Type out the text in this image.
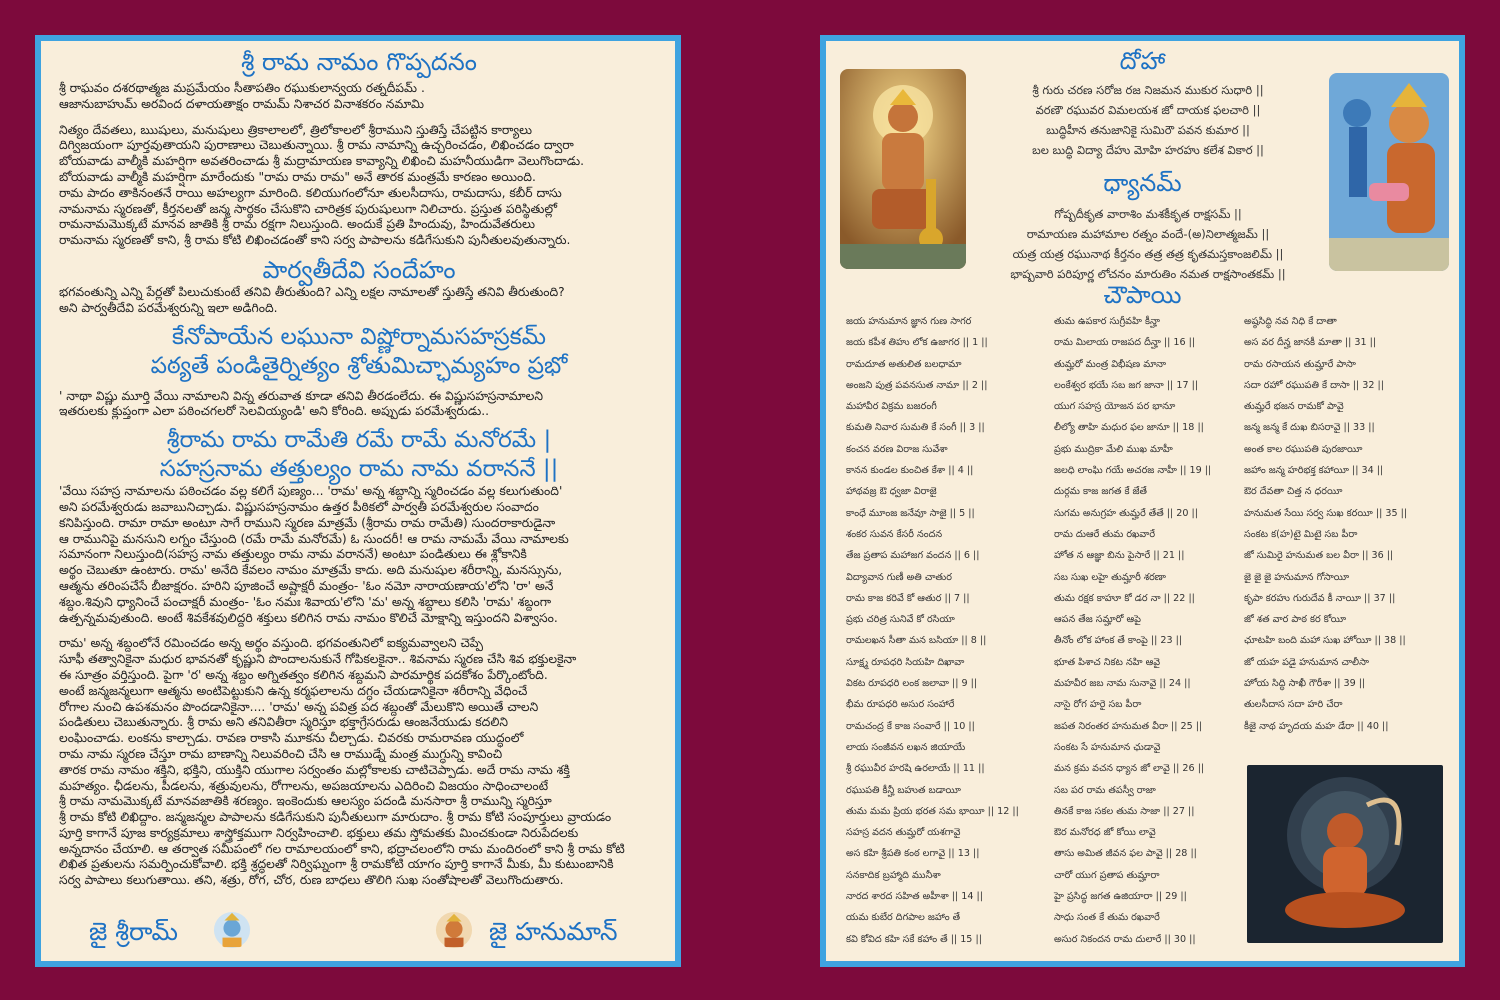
శ్రీ రామ నామం గొప్పదనం

శ్రీ రాఘవం దశరథాత్మజ మప్రమేయం సీతాపతిం రఘుకులాన్వయ రత్నదీపమ్ .
ఆజానుబాహుమ్ అరవింద దళాయతాక్షం రామమ్ నిశాచర వినాశకరం నమామి
నిత్యం దేవతలు, ఋషులు, మనుషులు త్రికాలాలలో, త్రిలోకాలలో శ్రీరాముని స్తుతిస్తే చేపట్టిన కార్యాలు
దిగ్విజయంగా పూర్తవుతాయని పురాణాలు చెబుతున్నాయి. శ్రీ రామ నామాన్ని ఉచ్చరించడం, లిఖించడం ద్వారా
బోయవాడు వాల్మీకి మహర్షిగా అవతరించాడు శ్రీ మద్రామాయణ కావ్యాన్ని లిఖించి మహనీయుడిగా వెలుగొందాడు.
బోయవాడు వాల్మీకి మహర్షిగా మారేందుకు "రామ రామ రామ" అనే తారక మంత్రమే కారణం అయింది.
రామ పాదం తాకినంతనే రాయి అహల్యగా మారింది. కలియుగంలోనూ తులసీదాసు, రామదాసు, కబీర్ దాసు
నామనామ స్మరణతో, కీర్తనలతో జన్మ సార్థకం చేసుకొని చారిత్రక పురుషులుగా నిలిచారు. ప్రస్తుత పరిస్థితుల్లో
రామనామమొక్కటే మానవ జాతికి శ్రీ రామ రక్షగా నిలుస్తుంది. అందుకే ప్రతి హిందువు, హిందువేతరులు
రామనామ స్మరణతో కాని, శ్రీ రామ కోటి లిఖించడంతో కాని సర్వ పాపాలను కడిగేసుకుని పునీతులవుతున్నారు.

పార్వతీదేవి సందేహం

భగవంతున్ని ఎన్ని పేర్లతో పిలుచుకుంటే తనివి తీరుతుంది? ఎన్ని లక్షల నామాలతో స్తుతిస్తే తనివి తీరుతుంది?
అని పార్వతీదేవి పరమేశ్వరున్ని ఇలా అడిగింది.

కేనోపాయేన లఘునా విష్ణోర్నామసహస్రకమ్

పఠ్యతే పండితైర్నిత్యం శ్రోతుమిచ్ఛామ్యహం ప్రభో

' నాథా విష్ణు మూర్తి వేయి నామాలని విన్న తరువాత కూడా తనివి తీరడంలేదు. ఈ విష్ణుసహస్రనామాలని
ఇతరులకు క్లుప్తంగా ఎలా పఠించగలరో సెలవియ్యండి' అని కోరింది. అప్పుడు పరమేశ్వరుడు..

శ్రీరామ రామ రామేతి రమే రామే మనోరమే |

సహస్రనామ తత్తుల్యం రామ నామ వరాననే ||

'వేయి సహస్ర నామాలను పఠించడం వల్ల కలిగే పుణ్యం... 'రామ' అన్న శబ్దాన్ని స్మరించడం వల్ల కలుగుతుంది'
అని పరమేశ్వరుడు జవాబునిచ్చాడు. విష్ణుసహస్రనామం ఉత్తర పీఠికలో పార్వతీ పరమేశ్వరుల సంవాదం
కనిపిస్తుంది. రామా రామా అంటూ సాగే రాముని స్మరణ మాత్రమే (శ్రీరామ రామ రామేతి) సుందరాకారుడైనా
ఆ రామునిపై మనసుని లగ్నం చేస్తుంది (రమే రామే మనోరమే) ఓ సుందరీ! ఆ రామ నామమే వేయి నామాలకు
సమానంగా నిలుస్తుంది(సహస్ర నామ తత్తుల్యం రామ నామ వరాననే) అంటూ పండితులు ఈ శ్లోకానికి
అర్థం చెబుతూ ఉంటారు. రామ' అనేది కేవలం నామం మాత్రమే కాదు. అది మనుషుల శరీరాన్ని, మనస్సును,
ఆత్మను తరింపచేసే బీజాక్షరం. హరిని పూజించే అష్టాక్షరీ మంత్రం- 'ఓం నమో నారాయణాయ'లోని 'రా' అనే
శబ్దం.శివుని ధ్యానించే పంచాక్షరీ మంత్రం- 'ఓం నమః శివాయ'లోని 'మ' అన్న శబ్దాలు కలిసి 'రామ' శబ్దంగా
ఉత్పన్నమవుతుంది. అంటే శివకేశవులిద్దరి శక్తులు కలిగిన రామ నామం కొలిచే మోక్షాన్ని ఇస్తుందని విశ్వాసం.
రామ' అన్న శబ్దంలోనే రమించడం అన్న అర్థం వస్తుంది. భగవంతునిలో ఐక్యమవ్వాలని చెప్పే
సూఫీ తత్వానికైనా మధుర భావనతో కృష్ణుని పొందాలనుకునే గోపికలకైనా.. శివనామ స్మరణ చేసి శివ భక్తులకైనా
ఈ సూత్రం వర్తిస్తుంది. పైగా 'ర' అన్న శబ్దం అగ్నితత్వం కలిగిన శబ్దమని పారమార్థిక పదకోశం పేర్కొంటోంది.
అంటే జన్మజన్మలుగా ఆత్మను అంటిపెట్టుకుని ఉన్న కర్మఫలాలను దగ్ధం చేయడానికైనా శరీరాన్ని వేధించే
రోగాల నుంచి ఉపశమనం పొందడానికైనా.... 'రామ' అన్న పవిత్ర పద శబ్దంతో మేలుకొని అయితే చాలని
పండితులు చెబుతున్నారు. శ్రీ రామ అని తనివితీరా స్మరిస్తూ భక్తాగ్రేసరుడు ఆంజనేయుడు కదలిని
లంఘించాడు. లంకను కాల్చాడు. రావణ రాకాసి మూకను చీల్చాడు. చివరకు రామరావణ యుద్ధంలో
రామ నామ స్మరణ చేస్తూ రామ బాణాన్ని నిలువరించి చేసి ఆ రాముడ్నే మంత్ర ముగ్ధున్ని కావించి
తారక రామ నామం శక్తిని, భక్తిని, యుక్తిని యుగాల సర్వంతం మల్లోకాలకు చాటిచెప్పాడు. అదే రామ నామ శక్తి
మహత్యం. ఛీడలను, పీడలను, శత్రువులను, రోగాలను, అపజయాలను ఎదిరించి విజయం సాధించాలంటే
శ్రీ రామ నామమొక్కటే మానవజాతికి శరణ్యం. ఇంకెందుకు ఆలస్యం పదండి మనసారా శ్రీ రామున్ని స్మరిస్తూ
శ్రీ రామ కోటి లిఖిద్దాం. జన్మజన్మల పాపాలను కడిగేసుకుని పునీతులుగా మారుదాం. శ్రీ రామ కోటి సంపూర్తులు వ్రాయడం
పూర్తి కాగానే పూజ కార్యక్రమాలు శాస్త్రోక్తముగా నిర్వహించాలి. భక్తులు తమ స్తోమతకు మించకుండా నిరుపేదలకు
అన్నదానం చేయాలి. ఆ తర్వాత సమీపంలో గల రామాలయంలో కాని, భద్రాచలంలోని రామ మందిరంలో కాని శ్రీ రామ కోటి
లిఖిత ప్రతులను సమర్పించుకోవాలి. భక్తి శ్రద్ధలతో నిర్విఘ్నంగా శ్రీ రామకోటి యాగం పూర్తి కాగానే మీకు, మీ కుటుంబానికి
సర్వ పాపాలు కలుగుతాయి. తని, శత్రు, రోగ, చోర, రుణ బాధలు తొలిగి సుఖ సంతోషాలతో వెలుగొందుతారు.
జై శ్రీరామ్	జై హనుమాన్
దోహా
శ్రీ గురు చరణ సరోజ రజ నిజమన ముకుర సుధారి ||
వరణౌ రఘువర విమలయశ జో దాయక ఫలచారి ||
బుద్ధిహీన తనుజానికై సుమిరౌ పవన కుమార ||
బల బుద్ధి విద్యా దేహు మోహి హరహు కలేశ వికార ||
ధ్యానమ్
గోష్పదీకృత వారాశిం మశకీకృత రాక్షసమ్ ||
రామాయణ మహామాల రత్నం వందే-(అ)నిలాత్మజమ్ ||
యత్ర యత్ర రఘునాథ కీర్తనం తత్ర తత్ర కృతమస్తకాంజలిమ్ ||
భాష్పవారి పరిపూర్ణ లోచనం మారుతిం నమత రాక్షసాంతకమ్ ||
చౌపాయి
జయ హనుమాన జ్ఞాన గుణ సాగర
జయ కపీశ తిహు లోక ఉజాగర || 1 ||
రామదూత అతులిత బలధామా
అంజని పుత్ర పవనసుత నామా || 2 ||
మహావీర విక్రమ బజరంగీ
కుమతి నివార సుమతి కే సంగీ || 3 ||
కంచన వరణ విరాజ సువేశా
కానన కుండల కుంచిత కేశా || 4 ||
హాథవజ్ర ఔ ధ్వజా విరాజై
కాంధే మూంజ జనేవూ సాజై || 5 ||
శంకర సువన కేసరీ నందన
తేజ ప్రతాప మహాజగ వందన || 6 ||
విద్యావాన గుణీ అతి చాతుర
రామ కాజ కరివే కో ఆతుర || 7 ||
ప్రభు చరిత్ర సునివే కో రసియా
రామలఖన సీతా మన బసియా || 8 ||
సూక్ష్మ రూపధరి సియహి దిఖావా
వికట రూపధరి లంక జలావా || 9 ||
భీమ రూపధరి అసుర సంహారే
రామచంద్ర కే కాజ సంవారే || 10 ||
లాయ సంజీవన లఖన జియాయే
శ్రీ రఘువీర హరషి ఉరలాయే || 11 ||
రఘుపతి కీన్హీ బహుత బడాయీ
తుమ మమ ప్రియ భరత సమ భాయీ || 12 ||
సహస్ర వదన తుమ్హరో యశగావై
అస కహి శ్రీపతి కంఠ లగావై || 13 ||
సనకాదిక బ్రహ్మాది మునీశా
నారద శారద సహిత అహీశా || 14 ||
యమ కుబేర దిగపాల జహాం తే
కవి కోవిద కహి సకే కహాం తే || 15 ||
తుమ ఉపకార సుగ్రీవహి కీన్హా
రామ మిలాయ రాజపద దీన్హా || 16 ||
తుమ్హరో మంత్ర విభీషణ మానా
లంకేశ్వర భయే సబ జగ జానా || 17 ||
యుగ సహస్ర యోజన పర భానూ
లీల్యో తాహి మధుర ఫల జానూ || 18 ||
ప్రభు ముద్రికా మేలి ముఖ మాహీ
జలధి లాంఘి గయే అచరజ నాహీ || 19 ||
దుర్గమ కాజ జగత కే జేతే
సుగమ అనుగ్రహ తుమ్హరే తేతే || 20 ||
రామ దుఆరే తుమ రఖవారే
హోత న ఆజ్ఞా బిను పైసారే || 21 ||
సబ సుఖ లహై తుమ్హారీ శరణా
తుమ రక్షక కాహూ కో డర నా || 22 ||
ఆపన తేజ సమ్హారో ఆపై
తీనోం లోక హాంక తే కాంపై || 23 ||
భూత పిశాచ నికట నహి ఆవై
మహవీర జబ నామ సునావై || 24 ||
నాసై రోగ హరై సబ పీరా
జపత నిరంతర హనుమత వీరా || 25 ||
సంకట సే హనుమాన ఛుడావై
మన క్రమ వచన ధ్యాన జో లావై || 26 ||
సబ పర రామ తపస్వీ రాజా
తినకే కాజ సకల తుమ సాజా || 27 ||
ఔర మనోరధ జో కోయి లావై
తాసు అమిత జీవన ఫల పావై || 28 ||
చారో యుగ ప్రతాప తుమ్హారా
హై ప్రసిద్ధ జగత ఉజియారా || 29 ||
సాధు సంత కే తుమ రఖవారే
అసుర నికందన రామ దులారే || 30 ||
అష్ఠసిద్ధి నవ నిధి కే దాతా
అస వర దీన్హ జానకీ మాతా || 31 ||
రామ రసాయన తుమ్హారే పాసా
సదా రహో రఘుపతి కే దాసా || 32 ||
తుమ్హరే భజన రామకో పావై
జన్మ జన్మ కే దుఖ బిసరావై || 33 ||
అంత కాల రఘుపతి పురజాయీ
జహాం జన్మ హరిభక్త కహాయీ || 34 ||
ఔర దేవతా చిత్త న ధరయీ
హనుమత సేయి సర్వ సుఖ కరయీ || 35 ||
సంకట క(హ)టై మిటై సబ పీరా
జో సుమిరై హనుమత బల వీరా || 36 ||
జై జై జై హనుమాన గోసాయీ
కృపా కరహు గురుదేవ కీ నాయీ || 37 ||
జో శత వార పాఠ కర కోయీ
ఛూటహి బంది మహా సుఖ హోయీ || 38 ||
జో యహ పడై హనుమాన చాలీసా
హోయ సిద్ధి సాఖీ గౌరీశా || 39 ||
తులసీదాస సదా హరి చేరా
కీజై నాథ హృదయ మహ డేరా || 40 ||
